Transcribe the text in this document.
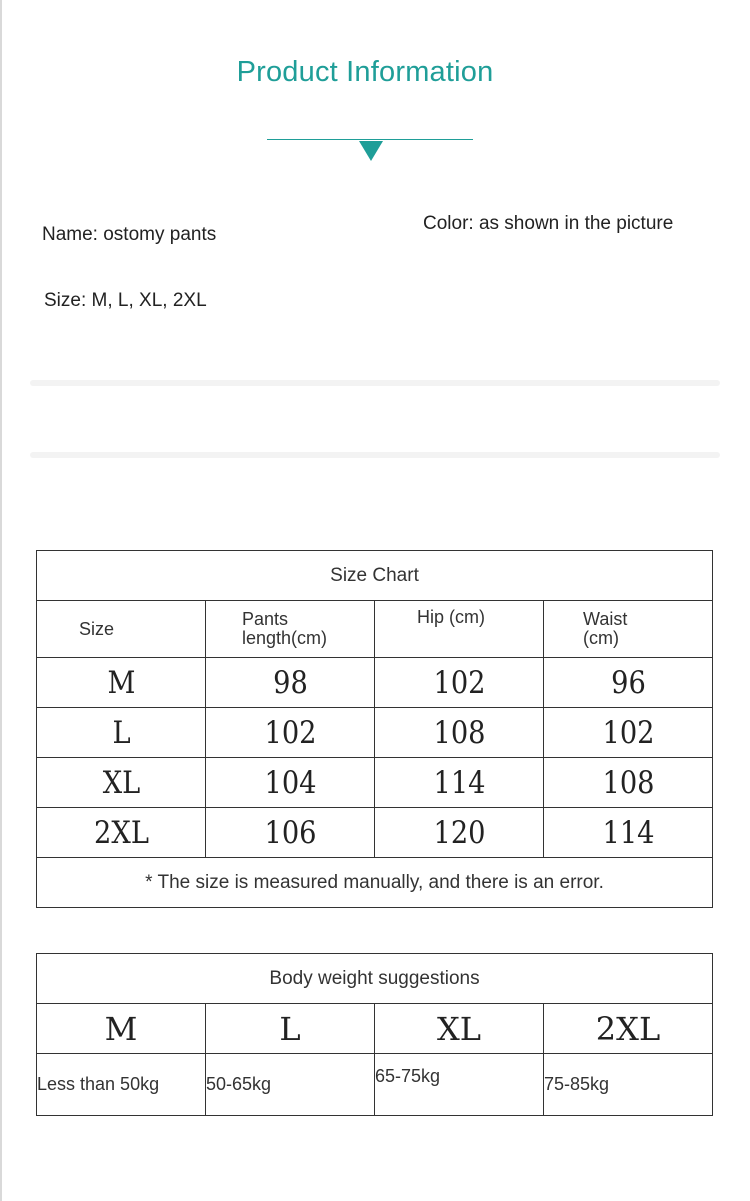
Product Information
Name: ostomy pants
Color: as shown in the picture
Size: M, L, XL, 2XL
Size Chart			
Size	Pants length(cm)	Hip (cm)	Waist (cm)

M	98	102	96
L	102	108	102
XL	104	114	108
2XL	106	120	114
* The size is measured manually, and there is an error.			
Body weight suggestions			
M	L	XL	2XL
Less than 50kg	50-65kg	65-75kg	75-85kg
